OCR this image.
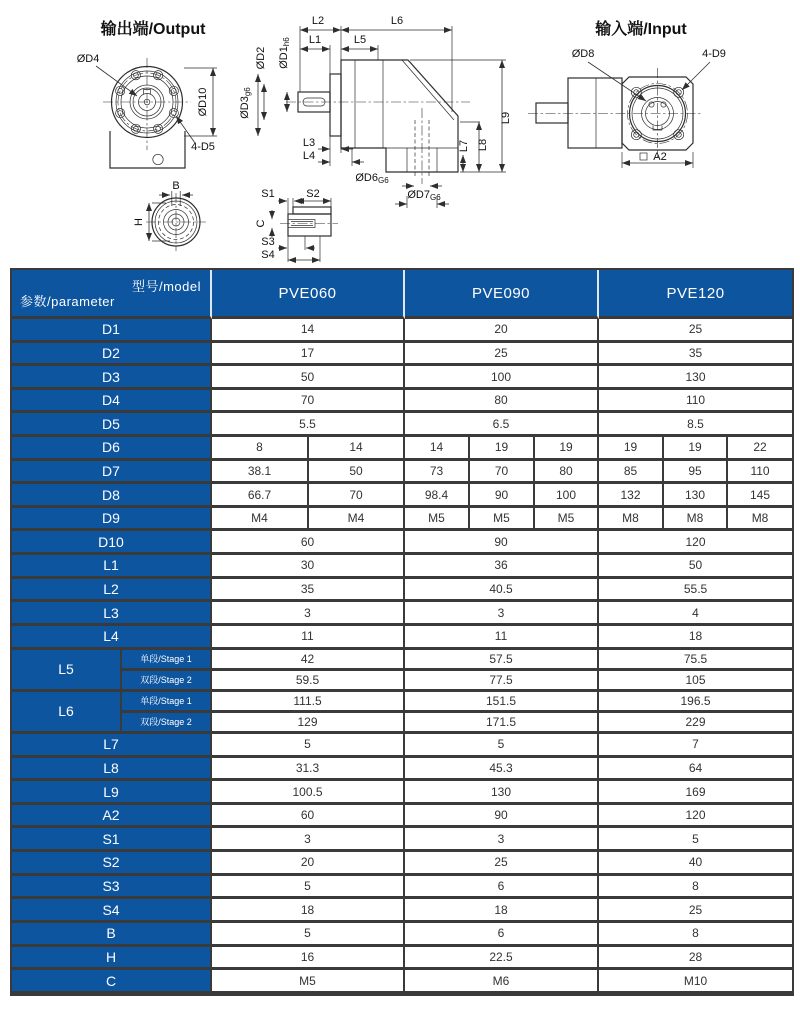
输出端/Output
ØD10
ØD4
4-D5
B
H
L2
L1
L6
L5
ØD2 ØD1h6
ØD3g6
L3
L4
ØD6G6
ØD7G6
L7 L8
L9
S1	S2
C
S3
S4
输入端/Input
ØD8	4-D9
A2
型号/model
参数/parameter		PVE060		PVE090			PVE120		
D1		14		20			25		
D2		17		25			35		
D3		50		100			130		
D4		70		80			110		
D5		5.5		6.5			8.5		
D6		8	14	14	19	19	19	19	22
D7		38.1	50	73	70	80	85	95	110
D8		66.7	70	98.4	90	100	132	130	145
D9		M4	M4	M5	M5	M5	M8	M8	M8
D10		60		90			120		
L1		30		36			50		
L2		35		40.5			55.5		
L3		3		3			4		
L4		11		11			18		
L5	单段/Stage 1	42		57.5			75.5		
	双段/Stage 2	59.5		77.5			105		
L6	单段/Stage 1	111.5		151.5			196.5		
	双段/Stage 2	129		171.5			229		
L7		5		5			7		
L8		31.3		45.3			64		
L9		100.5		130			169		
A2		60		90			120		
S1		3		3			5		
S2		20		25			40		
S3		5		6			8		
S4		18		18			25		
B		5		6			8		
H		16		22.5			28		
C		M5		M6			M10		
